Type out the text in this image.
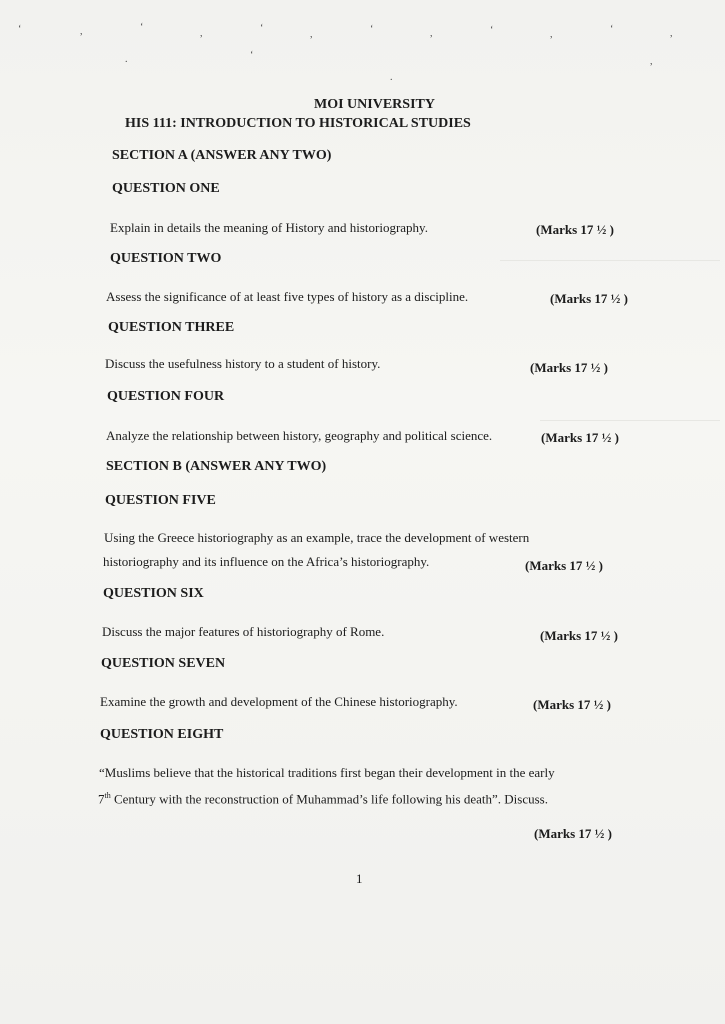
‘	,	‘
,	‘
,	‘	,	‘	,	‘	,
.	‘
.
,
MOI UNIVERSITY
HIS 111: INTRODUCTION TO HISTORICAL STUDIES
SECTION A (ANSWER ANY TWO)
QUESTION ONE
Explain in details the meaning of History and historiography.	(Marks 17 ½ )
QUESTION TWO
Assess the significance of at least five types of history as a discipline.	(Marks 17 ½ )
QUESTION THREE
Discuss the usefulness history to a student of history.	(Marks 17 ½ )
QUESTION FOUR
Analyze the relationship between history, geography and political science.	(Marks 17 ½ )
SECTION B (ANSWER ANY TWO)
QUESTION FIVE
Using the Greece historiography as an example, trace the development of western
historiography and its influence on the Africa’s historiography.	(Marks 17 ½ )
QUESTION SIX
Discuss the major features of historiography of Rome.	(Marks 17 ½ )
QUESTION SEVEN
Examine the growth and development of the Chinese historiography.	(Marks 17 ½ )
QUESTION EIGHT
“Muslims believe that the historical traditions first began their development in the early
7th Century with the reconstruction of Muhammad’s life following his death”. Discuss.
(Marks 17 ½ )
1
